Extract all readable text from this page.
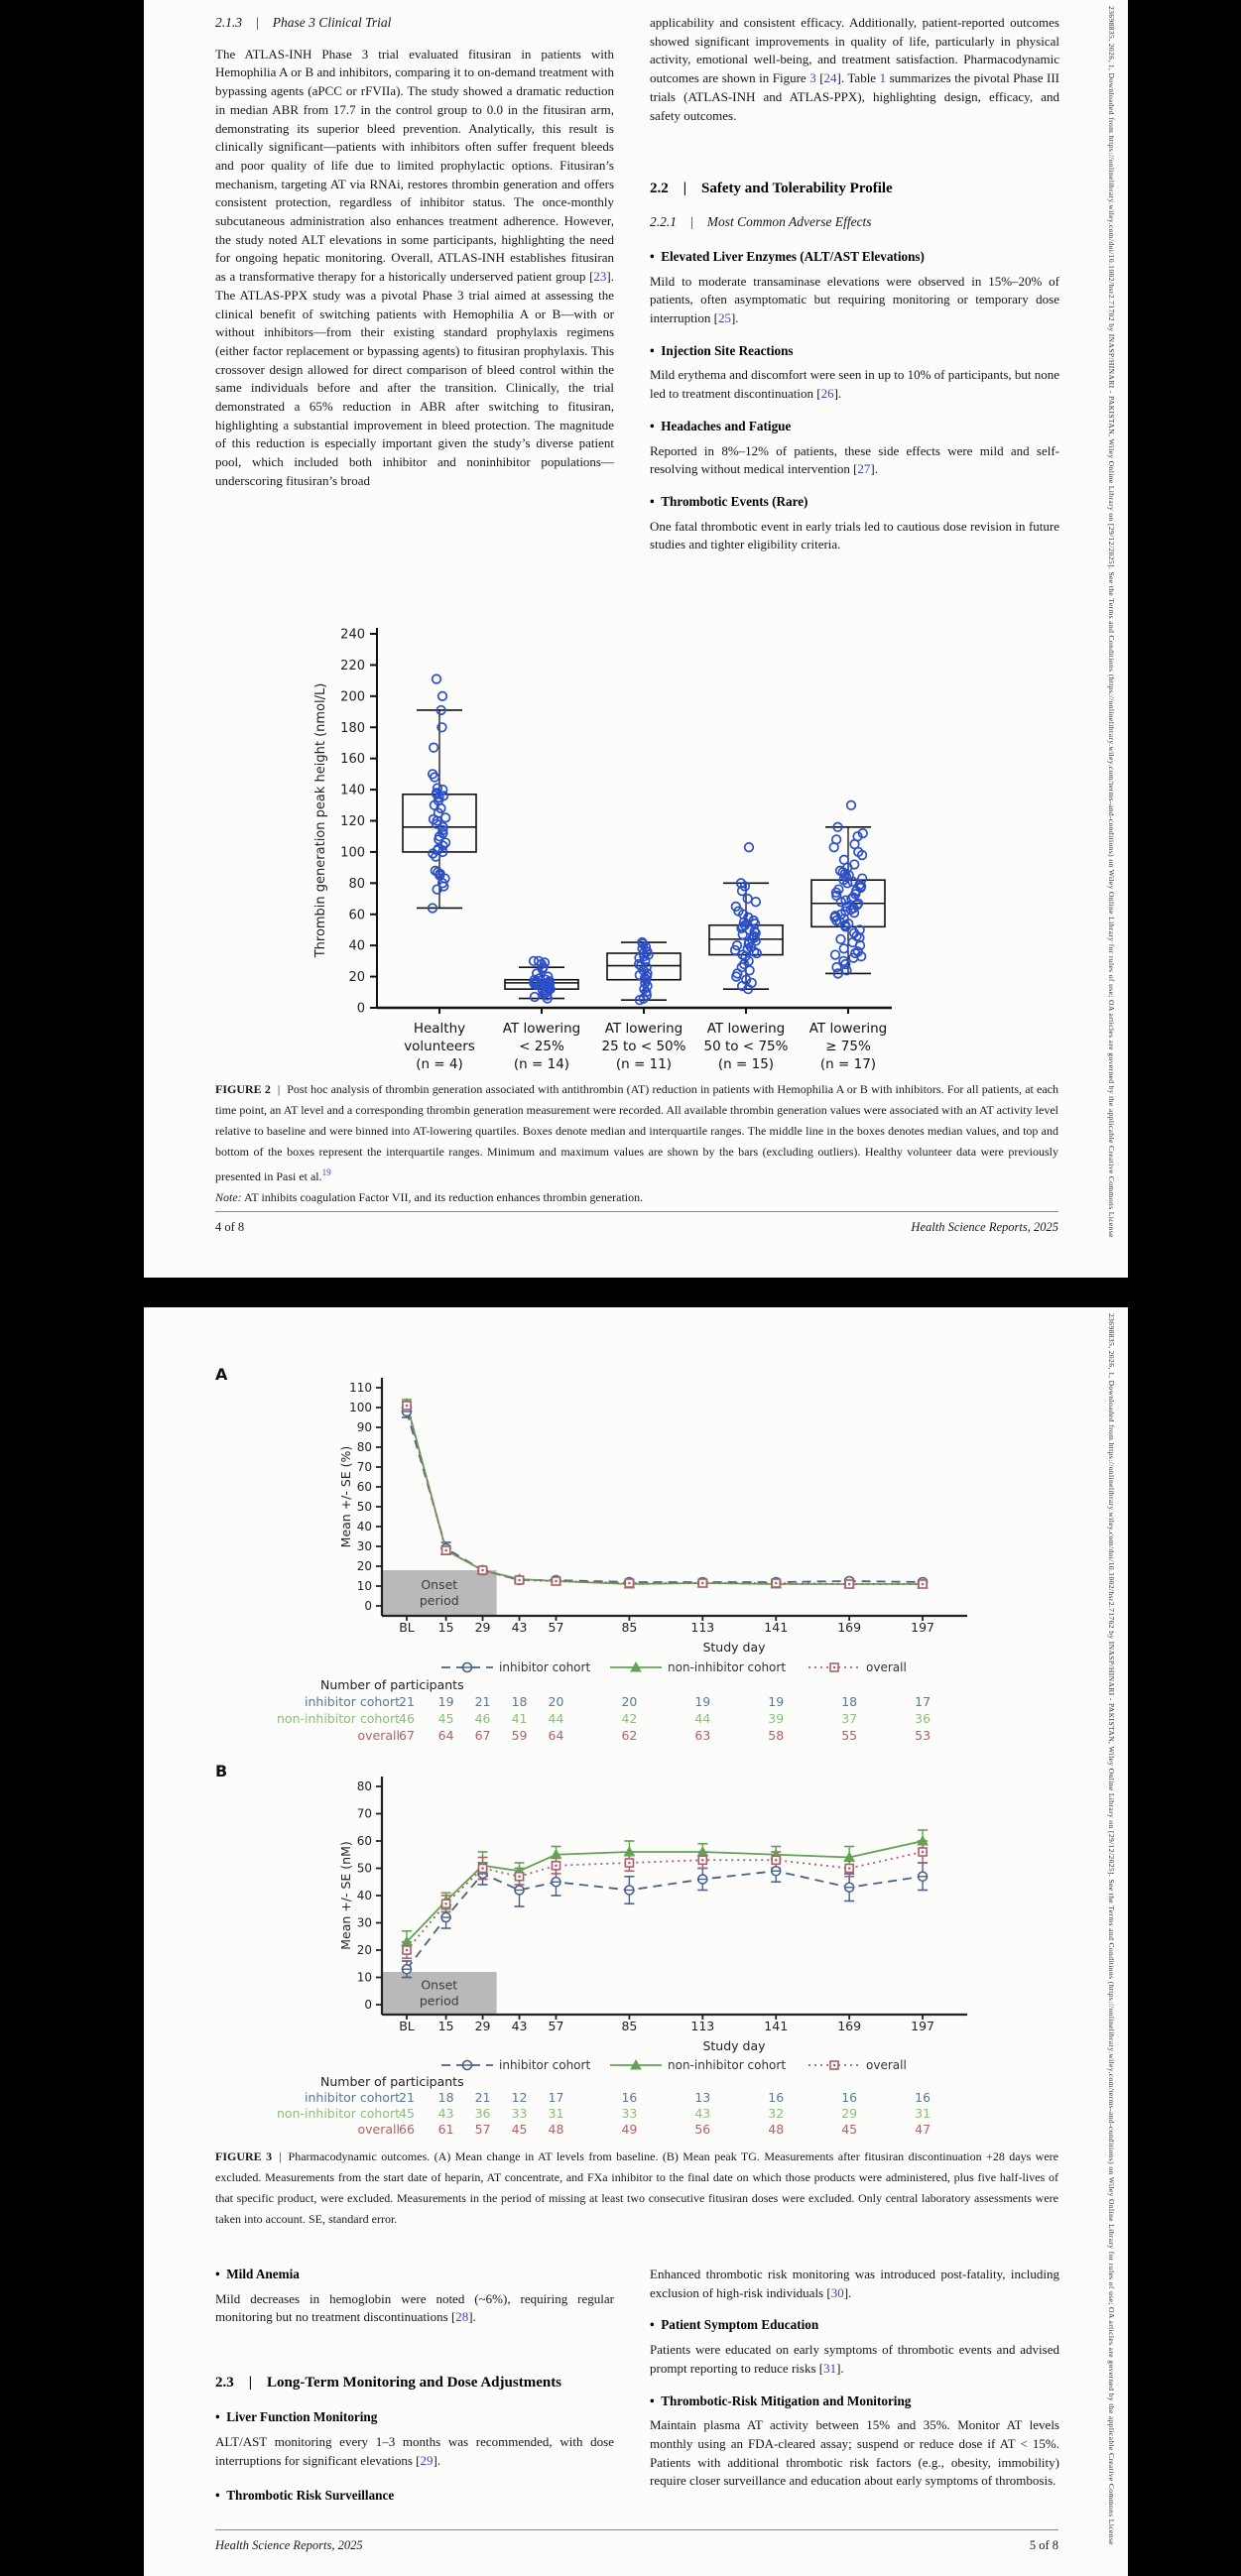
2.1.3 | Phase 3 Clinical Trial

The ATLAS-INH Phase 3 trial evaluated fitusiran in patients with Hemophilia A or B and inhibitors, comparing it to on-demand treatment with bypassing agents (aPCC or rFVIIa). The study showed a dramatic reduction in median ABR from 17.7 in the control group to 0.0 in the fitusiran arm, demonstrating its superior bleed prevention. Analytically, this result is clinically significant—patients with inhibitors often suffer frequent bleeds and poor quality of life due to limited prophylactic options. Fitusiran’s mechanism, targeting AT via RNAi, restores thrombin generation and offers consistent protection, regardless of inhibitor status. The once-monthly subcutaneous administration also enhances treatment adherence. However, the study noted ALT elevations in some participants, highlighting the need for ongoing hepatic monitoring. Overall, ATLAS-INH establishes fitusiran as a transformative therapy for a historically underserved patient group [23]. The ATLAS-PPX study was a pivotal Phase 3 trial aimed at assessing the clinical benefit of switching patients with Hemophilia A or B—with or without inhibitors—from their existing standard prophylaxis regimens (either factor replacement or bypassing agents) to fitusiran prophylaxis. This crossover design allowed for direct comparison of bleed control within the same individuals before and after the transition. Clinically, the trial demonstrated a 65% reduction in ABR after switching to fitusiran, highlighting a substantial improvement in bleed protection. The magnitude of this reduction is especially important given the study’s diverse patient pool, which included both inhibitor and noninhibitor populations—underscoring fitusiran’s broad

applicability and consistent efficacy. Additionally, patient-reported outcomes showed significant improvements in quality of life, particularly in physical activity, emotional well-being, and treatment satisfaction. Pharmacodynamic outcomes are shown in Figure 3 [24]. Table 1 summarizes the pivotal Phase III trials (ATLAS-INH and ATLAS-PPX), highlighting design, efficacy, and safety outcomes.

2.2 | Safety and Tolerability Profile
2.2.1 | Most Common Adverse Effects

• Elevated Liver Enzymes (ALT/AST Elevations)

Mild to moderate transaminase elevations were observed in 15%–20% of patients, often asymptomatic but requiring monitoring or temporary dose interruption [25].

• Injection Site Reactions

Mild erythema and discomfort were seen in up to 10% of participants, but none led to treatment discontinuation [26].

• Headaches and Fatigue

Reported in 8%–12% of patients, these side effects were mild and self-resolving without medical intervention [27].

• Thrombotic Events (Rare)

One fatal thrombotic event in early trials led to cautious dose revision in future studies and tighter eligibility criteria.

0
20
40
60
80
100
120
140
160
180
200
220
240
Thrombin generation peak height (nmol/L)
Healthy
volunteers
(n = 4)
AT lowering
< 25%
(n = 14)
AT lowering
25 to < 50%
(n = 11)
AT lowering
50 to < 75%
(n = 15)
AT lowering
≥ 75%
(n = 17)
FIGURE 2 | Post hoc analysis of thrombin generation associated with antithrombin (AT) reduction in patients with Hemophilia A or B with inhibitors. For all patients, at each time point, an AT level and a corresponding thrombin generation measurement were recorded. All available thrombin generation values were associated with an AT activity level relative to baseline and were binned into AT-lowering quartiles. Boxes denote median and interquartile ranges. The middle line in the boxes denotes median values, and top and bottom of the boxes represent the interquartile ranges. Minimum and maximum values are shown by the bars (excluding outliers). Healthy volunteer data were previously presented in Pasi et al.$^{19}$
Note: AT inhibits coagulation Factor VII, and its reduction enhances thrombin generation.
4 of 8	Health Science Reports, 2025	23698835, 2026, 1, Downloaded from https://onlinelibrary.wiley.com/doi/10.1002/hsr2.71702 by INASP/HINARI - PAKISTAN, Wiley Online Library on [29/12/2025]. See the Terms and Conditions (https://onlinelibrary.wiley.com/terms-and-conditions) on Wiley Online Library for rules of use; OA articles are governed by the applicable Creative Commons License
A
Onset
period
0
10
20
30
40
50
60
70
80
90
100
110
Mean +/- SE (%)
BL 15 29 43 57	85	113	141	169	197
Study day
inhibitor cohort	non-inhibitor cohort	overall
Number of participants
inhibitor cohort 21 19 21 18 20	20	19	19	18	17
non-inhibitor cohort 46 45 46 41 44	42	44	39	37	36
overall 67 64 67 59 64	62	63	58	55	53
B
Onset
period
0
10
20
30
40
50
60
70
80
Mean +/- SE (nM)
BL 15 29 43 57	85	113	141	169	197
Study day
inhibitor cohort	non-inhibitor cohort	overall
Number of participants
inhibitor cohort 21 18 21 12 17	16	13	16	16	16
non-inhibitor cohort 45 43 36 33 31	33	43	32	29	31
overall 66 61 57 45 48	49	56	48	45	47
FIGURE 3 | Pharmacodynamic outcomes. (A) Mean change in AT levels from baseline. (B) Mean peak TG. Measurements after fitusiran discontinuation +28 days were excluded. Measurements from the start date of heparin, AT concentrate, and FXa inhibitor to the final date on which those products were administered, plus five half-lives of that specific product, were excluded. Measurements in the period of missing at least two consecutive fitusiran doses were excluded. Only central laboratory assessments were taken into account. SE, standard error.

• Mild Anemia

Mild decreases in hemoglobin were noted (~6%), requiring regular monitoring but no treatment discontinuations [28].

2.3 | Long-Term Monitoring and Dose Adjustments

• Liver Function Monitoring

ALT/AST monitoring every 1–3 months was recommended, with dose interruptions for significant elevations [29].

• Thrombotic Risk Surveillance

Enhanced thrombotic risk monitoring was introduced post-fatality, including exclusion of high-risk individuals [30].

• Patient Symptom Education

Patients were educated on early symptoms of thrombotic events and advised prompt reporting to reduce risks [31].

• Thrombotic-Risk Mitigation and Monitoring

Maintain plasma AT activity between 15% and 35%. Monitor AT levels monthly using an FDA-cleared assay; suspend or reduce dose if AT < 15%. Patients with additional thrombotic risk factors (e.g., obesity, immobility) require closer surveillance and education about early symptoms of thrombosis.

Health Science Reports, 2025	5 of 8
23698835, 2026, 1, Downloaded from https://onlinelibrary.wiley.com/doi/10.1002/hsr2.71702 by INASP/HINARI - PAKISTAN, Wiley Online Library on [29/12/2025]. See the Terms and Conditions (https://onlinelibrary.wiley.com/terms-and-conditions) on Wiley Online Library for rules of use; OA articles are governed by the applicable Creative Commons License
